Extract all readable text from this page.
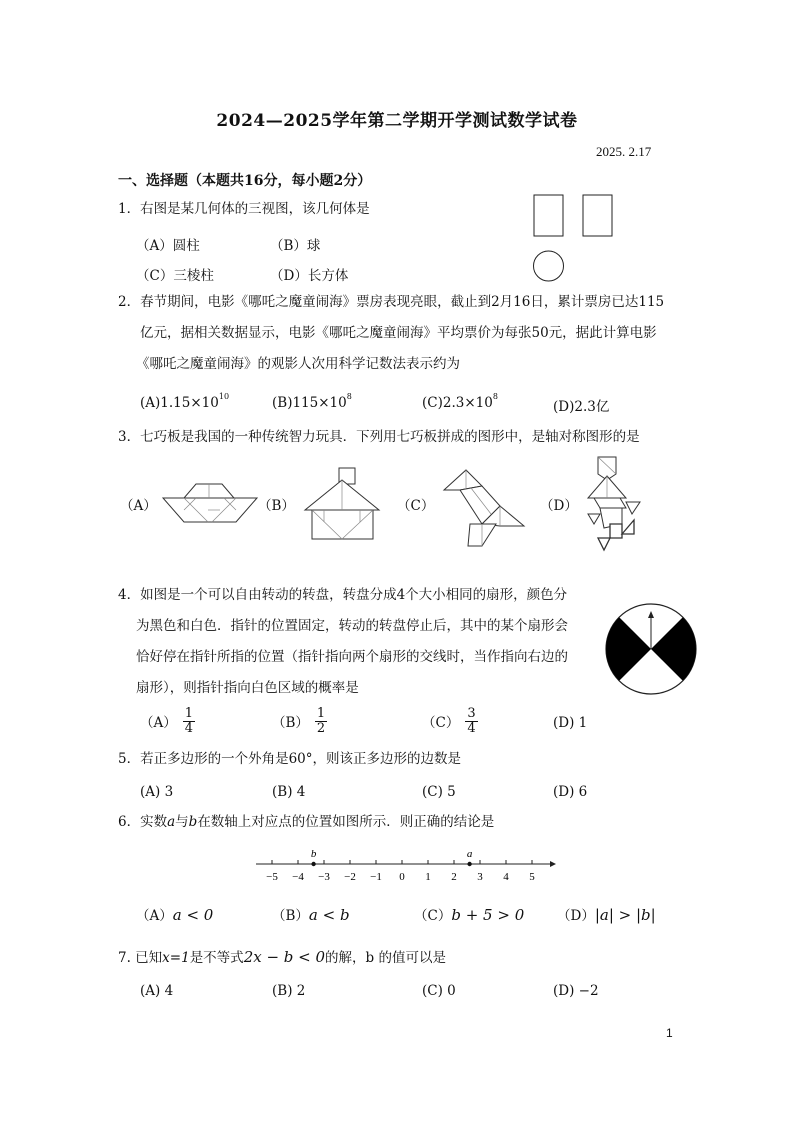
2024—2025学年第二学期开学测试数学试卷
2025. 2.17
一、选择题（本题共16分，每小题2分）
1．右图是某几何体的三视图，该几何体是
（A）圆柱	（B）球
（C）三棱柱	（D）长方体
2．春节期间，电影《哪吒之魔童闹海》票房表现亮眼，截止到2月16日，累计票房已达115
亿元，据相关数据显示，电影《哪吒之魔童闹海》平均票价为每张50元，据此计算电影
《哪吒之魔童闹海》的观影人次用科学记数法表示约为
$(A)1.15\times 10^{10}$	$(B)115\times 10^8$	$(C)2.3\times 10^8$
(D)2.3亿
3．七巧板是我国的一种传统智力玩具．下列用七巧板拼成的图形中，是轴对称图形的是
（A）	（B）	（C）	（D）
4．如图是一个可以自由转动的转盘，转盘分成4个大小相同的扇形，颜色分
为黑色和白色．指针的位置固定，转动的转盘停止后，其中的某个扇形会
恰好停在指针所指的位置（指针指向两个扇形的交线时，当作指向右边的
扇形），则指针指向白色区域的概率是
$(A) \frac{1}{4}$	$(B) \frac{1}{2}$	$(C) \frac{3}{4}$	(D) 1
5．若正多边形的一个外角是60°，则该正多边形的边数是
(A) 3	(B) 4	(C) 5	(D) 6
6．实数a与b在数轴上对应点的位置如图所示．则正确的结论是
−5 −4 −3 −2 −1 0 1 2 3 4 5
b	a
（A）a < 0	（B）a < b	（C）b + 5 > 0 （D）|a| > |b|
7. 已知x=1是不等式2x − b < 0的解，b 的值可以是
(A) 4	(B) 2	(C) 0	(D) −2
1
